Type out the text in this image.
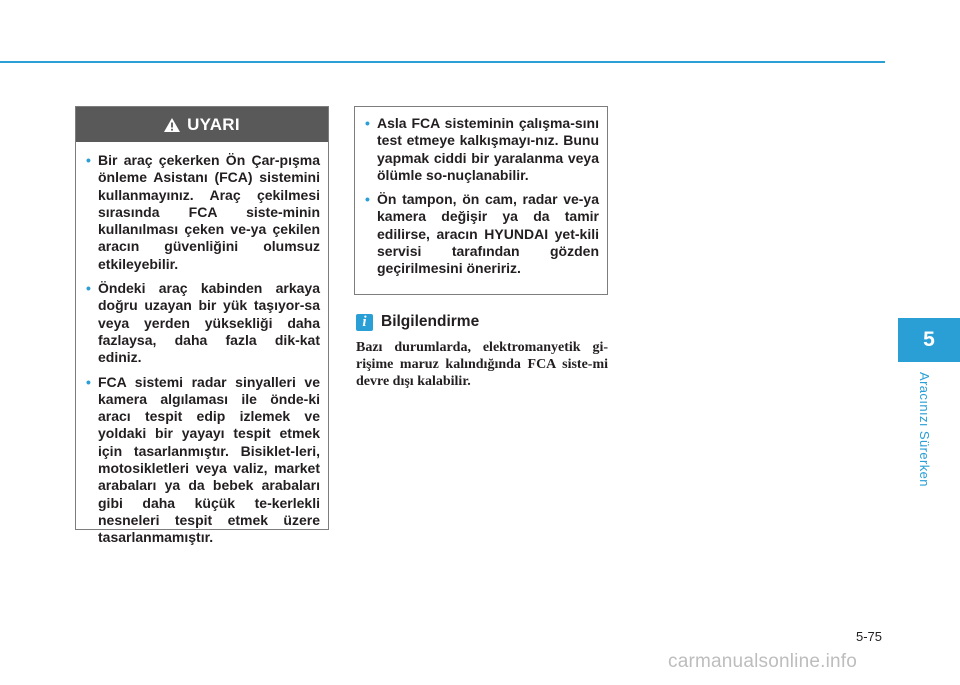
UYARI
• Bir araç çekerken Ön Çar-pışma önleme Asistanı (FCA) sistemini kullanmayınız. Araç çekilmesi sırasında FCA siste-minin kullanılması çeken ve-ya çekilen aracın güvenliğini olumsuz etkileyebilir.
• Öndeki araç kabinden arkaya doğru uzayan bir yük taşıyor-sa veya yerden yüksekliği daha fazlaysa, daha fazla dik-kat ediniz.
• FCA sistemi radar sinyalleri ve kamera algılaması ile önde-ki aracı tespit edip izlemek ve yoldaki bir yayayı tespit etmek için tasarlanmıştır. Bisiklet-leri, motosikletleri veya valiz, market arabaları ya da bebek arabaları gibi daha küçük te-kerlekli nesneleri tespit etmek üzere tasarlanmamıştır.
• Asla FCA sisteminin çalışma-sını test etmeye kalkışmayı-nız. Bunu yapmak ciddi bir yaralanma veya ölümle so-nuçlanabilir.
• Ön tampon, ön cam, radar ve-ya kamera değişir ya da tamir edilirse, aracın HYUNDAI yet-kili servisi tarafından gözden geçirilmesini öneririz.
i Bilgilendirme

Bazı durumlarda, elektromanyetik gi-rişime maruz kalındığında FCA siste-mi devre dışı kalabilir.

5
Aracınızı Sürerken
5-75
carmanualsonline.info
